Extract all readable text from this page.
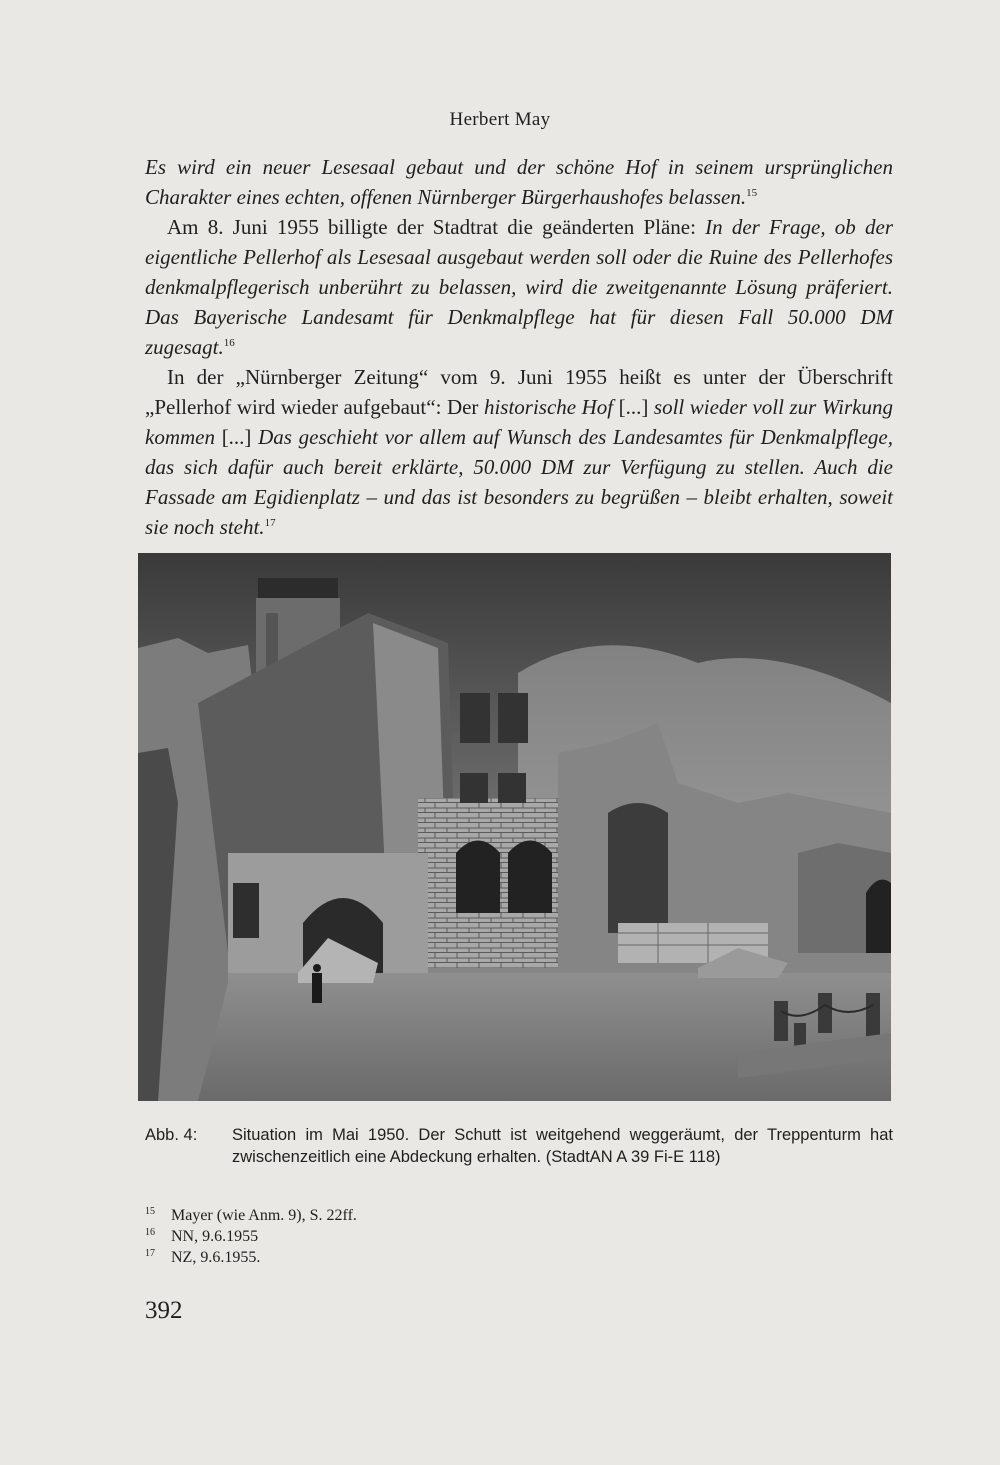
Herbert May

Es wird ein neuer Lesesaal gebaut und der schöne Hof in seinem ursprünglichen Charakter eines echten, offenen Nürnberger Bürgerhaushofes belassen.$^{15}$

Am 8. Juni 1955 billigte der Stadtrat die geänderten Pläne: In der Frage, ob der eigentliche Pellerhof als Lesesaal ausgebaut werden soll oder die Ruine des Pellerhofes denkmalpflegerisch unberührt zu belassen, wird die zweitgenannte Lösung präferiert. Das Bayerische Landesamt für Denkmalpflege hat für diesen Fall 50.000 DM zugesagt.$^{16}$

In der „Nürnberger Zeitung“ vom 9. Juni 1955 heißt es unter der Überschrift „Pellerhof wird wieder aufgebaut“: Der historische Hof [...] soll wieder voll zur Wirkung kommen [...] Das geschieht vor allem auf Wunsch des Landesamtes für Denkmalpflege, das sich dafür auch bereit erklärte, 50.000 DM zur Verfügung zu stellen. Auch die Fassade am Egidienplatz – und das ist besonders zu begrüßen – bleibt erhalten, soweit sie noch steht.$^{17}$

Abb. 4:	Situation im Mai 1950. Der Schutt ist weitgehend weggeräumt, der Treppenturm hat zwischenzeitlich eine Abdeckung erhalten. (StadtAN A 39 Fi-E 118)
15 Mayer (wie Anm. 9), S. 22ff.
16 NN, 9.6.1955
17 NZ, 9.6.1955.
392
